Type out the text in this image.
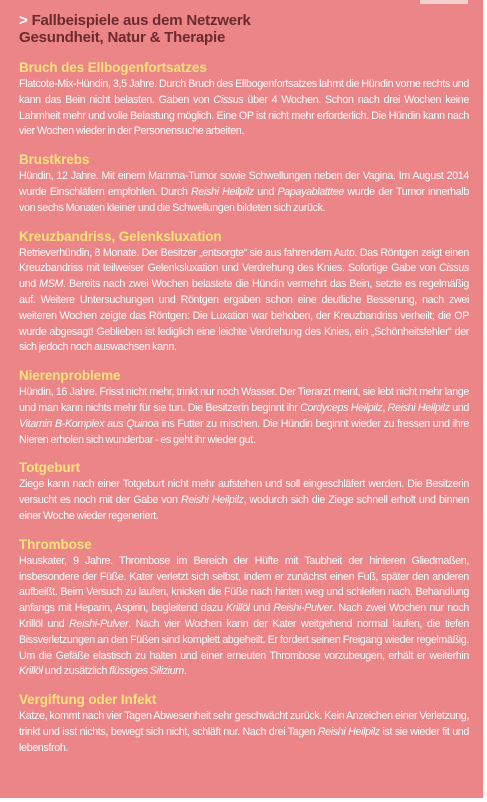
> Fallbeispiele aus dem Netzwerk
Gesundheit, Natur & Therapie
Bruch des Ellbogenfortsatzes
Flatcote-Mix-Hündin, 3,5 Jahre. Durch Bruch des Ellbogenfortsatzes lahmt die Hündin vorne rechts und kann das Bein nicht belasten. Gaben von Cissus über 4 Wochen. Schon nach drei Wochen keine Lahmheit mehr und volle Belastung möglich. Eine OP ist nicht mehr erforderlich. Die Hündin kann nach vier Wochen wieder in der Personensuche arbeiten.
Brustkrebs
Hündin, 12 Jahre. Mit einem Mamma-Tumor sowie Schwellungen neben der Vagina. Im August 2014 wurde Einschläfern empfohlen. Durch Reishi Heilpilz und Papayablatttee wurde der Tumor innerhalb von sechs Monaten kleiner und die Schwellungen bildeten sich zurück.
Kreuzbandriss, Gelenksluxation
Retrieverhündin, 8 Monate. Der Besitzer „entsorgte“ sie aus fahrendem Auto. Das Röntgen zeigt einen Kreuzbandriss mit teilweiser Gelenksluxation und Verdrehung des Knies. Sofortige Gabe von Cissus und MSM. Bereits nach zwei Wochen belastete die Hündin vermehrt das Bein, setzte es regelmäßig auf. Weitere Untersuchungen und Röntgen ergaben schon eine deutliche Besserung, nach zwei weiteren Wochen zeigte das Röntgen: Die Luxation war behoben, der Kreuzbandriss verheilt; die OP wurde abgesagt! Geblieben ist lediglich eine leichte Verdrehung des Knies, ein „Schönheitsfehler“ der sich jedoch noch auswachsen kann.
Nierenprobleme
Hündin, 16 Jahre. Frisst nicht mehr, trinkt nur noch Wasser. Der Tierarzt meint, sie lebt nicht mehr lange und man kann nichts mehr für sie tun. Die Besitzerin beginnt ihr Cordyceps Heilpilz, Reishi Heilpilz und Vitamin B-Komplex aus Quinoa ins Futter zu mischen. Die Hündin beginnt wieder zu fressen und ihre Nieren erholen sich wunderbar - es geht ihr wieder gut.
Totgeburt
Ziege kann nach einer Totgeburt nicht mehr aufstehen und soll eingeschläfert werden. Die Besitzerin versucht es noch mit der Gabe von Reishi Heilpilz, wodurch sich die Ziege schnell erholt und binnen einer Woche wieder regeneriert.
Thrombose
Hauskater, 9 Jahre. Thrombose im Bereich der Hüfte mit Taubheit der hinteren Gliedmaßen, insbesondere der Füße. Kater verletzt sich selbst, indem er zunächst einen Fuß, später den anderen aufbeißt. Beim Versuch zu laufen, knicken die Füße nach hinten weg und schleifen nach. Behandlung anfangs mit Heparin, Aspirin, begleitend dazu Krillöl und Reishi-Pulver. Nach zwei Wochen nur noch Krillöl und Reishi-Pulver. Nach vier Wochen kann der Kater weitgehend normal laufen, die tiefen Bissverletzungen an den Füßen sind komplett abgeheilt. Er fordert seinen Freigang wieder regelmäßig. Um die Gefäße elastisch zu halten und einer erneuten Thrombose vorzubeugen, erhält er weiterhin Krillöl und zusätzlich flüssiges Silizium.
Vergiftung oder Infekt
Katze, kommt nach vier Tagen Abwesenheit sehr geschwächt zurück. Kein Anzeichen einer Verletzung, trinkt und isst nichts, bewegt sich nicht, schläft nur. Nach drei Tagen Reishi Heilpilz ist sie wieder fit und lebensfroh.
